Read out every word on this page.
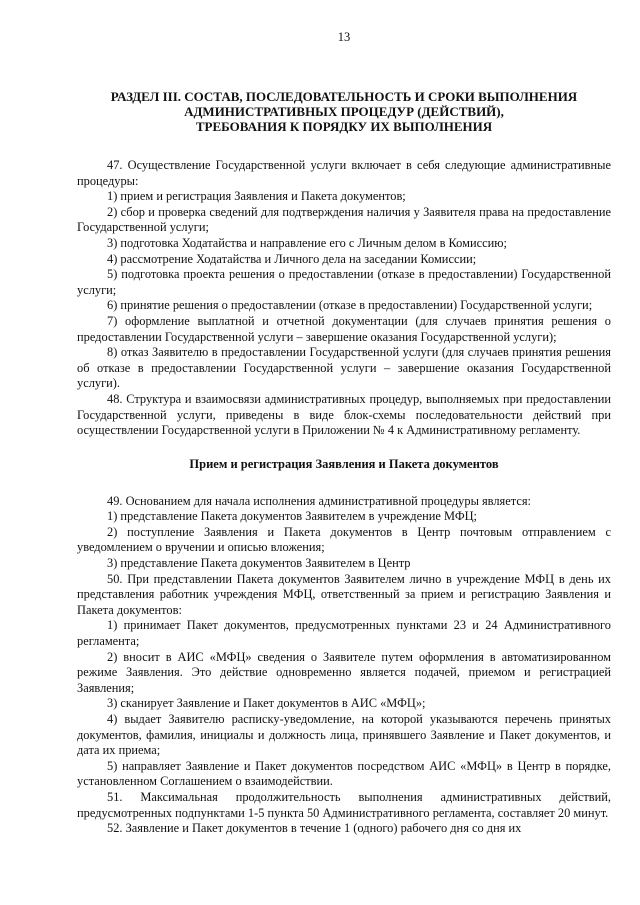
13
РАЗДЕЛ III. СОСТАВ, ПОСЛЕДОВАТЕЛЬНОСТЬ И СРОКИ ВЫПОЛНЕНИЯ
АДМИНИСТРАТИВНЫХ ПРОЦЕДУР (ДЕЙСТВИЙ),
ТРЕБОВАНИЯ К ПОРЯДКУ ИХ ВЫПОЛНЕНИЯ

47. Осуществление Государственной услуги включает в себя следующие административные процедуры:

1) прием и регистрация Заявления и Пакета документов;

2) сбор и проверка сведений для подтверждения наличия у Заявителя права на предоставление Государственной услуги;

3) подготовка Ходатайства и направление его с Личным делом в Комиссию;

4) рассмотрение Ходатайства и Личного дела на заседании Комиссии;

5) подготовка проекта решения о предоставлении (отказе в предоставлении) Государственной услуги;

6) принятие решения о предоставлении (отказе в предоставлении) Государственной услуги;

7) оформление выплатной и отчетной документации (для случаев принятия решения о предоставлении Государственной услуги – завершение оказания Государственной услуги);

8) отказ Заявителю в предоставлении Государственной услуги (для случаев принятия решения об отказе в предоставлении Государственной услуги – завершение оказания Государственной услуги).

48. Структура и взаимосвязи административных процедур, выполняемых при предоставлении Государственной услуги, приведены в виде блок-схемы последовательности действий при осуществлении Государственной услуги в Приложении № 4 к Административному регламенту.

Прием и регистрация Заявления и Пакета документов

49. Основанием для начала исполнения административной процедуры является:

1) представление Пакета документов Заявителем в учреждение МФЦ;

2) поступление Заявления и Пакета документов в Центр почтовым отправлением с уведомлением о вручении и описью вложения;

3) представление Пакета документов Заявителем в Центр

50. При представлении Пакета документов Заявителем лично в учреждение МФЦ в день их представления работник учреждения МФЦ, ответственный за прием и регистрацию Заявления и Пакета документов:

1) принимает Пакет документов, предусмотренных пунктами 23 и 24 Административного регламента;

2) вносит в АИС «МФЦ» сведения о Заявителе путем оформления в автоматизированном режиме Заявления. Это действие одновременно является подачей, приемом и регистрацией Заявления;

3) сканирует Заявление и Пакет документов в АИС «МФЦ»;

4) выдает Заявителю расписку-уведомление, на которой указываются перечень принятых документов, фамилия, инициалы и должность лица, принявшего Заявление и Пакет документов, и дата их приема;

5) направляет Заявление и Пакет документов посредством АИС «МФЦ» в Центр в порядке, установленном Соглашением о взаимодействии.

51. Максимальная продолжительность выполнения административных действий, предусмотренных подпунктами 1-5 пункта 50 Административного регламента, составляет 20 минут.

52. Заявление и Пакет документов в течение 1 (одного) рабочего дня со дня их
